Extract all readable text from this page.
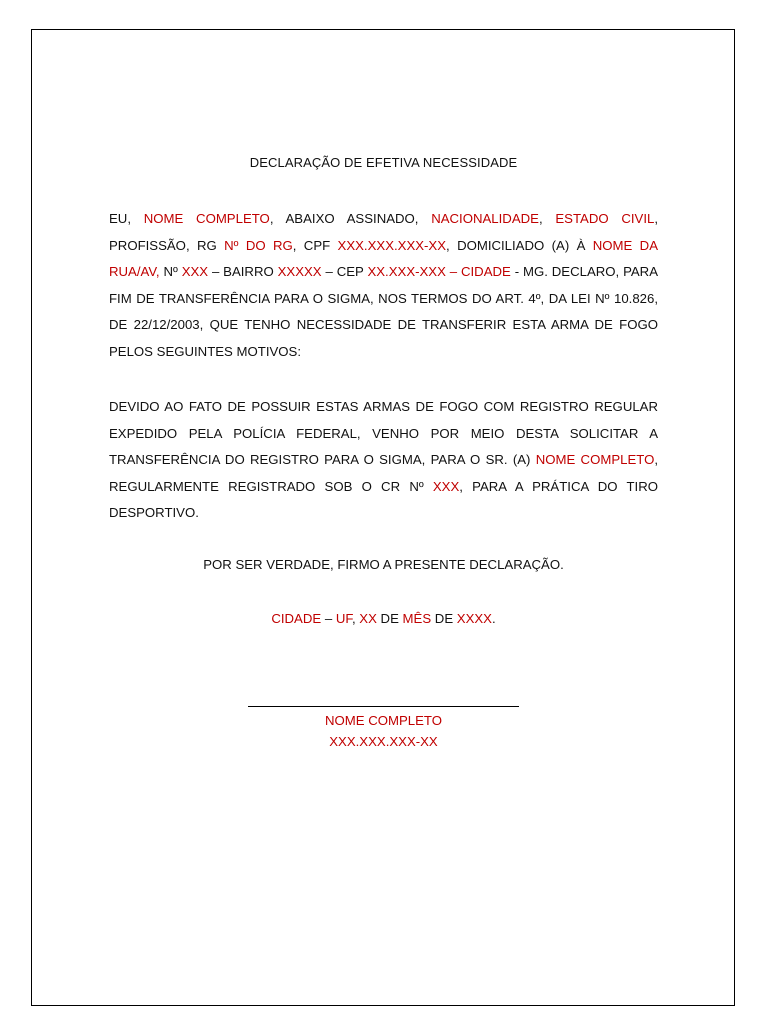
DECLARAÇÃO DE EFETIVA NECESSIDADE

EU, NOME COMPLETO, ABAIXO ASSINADO, NACIONALIDADE, ESTADO CIVIL, PROFISSÃO, RG Nº DO RG, CPF XXX.XXX.XXX-XX, DOMICILIADO (A) À NOME DA RUA/AV, Nº XXX – BAIRRO XXXXX – CEP XX.XXX-XXX – CIDADE - MG. DECLARO, PARA FIM DE TRANSFERÊNCIA PARA O SIGMA, NOS TERMOS DO ART. 4º, DA LEI Nº 10.826, DE 22/12/2003, QUE TENHO NECESSIDADE DE TRANSFERIR ESTA ARMA DE FOGO PELOS SEGUINTES MOTIVOS:

DEVIDO AO FATO DE POSSUIR ESTAS ARMAS DE FOGO COM REGISTRO REGULAR EXPEDIDO PELA POLÍCIA FEDERAL, VENHO POR MEIO DESTA SOLICITAR A TRANSFERÊNCIA DO REGISTRO PARA O SIGMA, PARA O SR. (A) NOME COMPLETO, REGULARMENTE REGISTRADO SOB O CR Nº XXX, PARA A PRÁTICA DO TIRO DESPORTIVO.

POR SER VERDADE, FIRMO A PRESENTE DECLARAÇÃO.

CIDADE – UF, XX DE MÊS DE XXXX.

NOME COMPLETO

XXX.XXX.XXX-XX
